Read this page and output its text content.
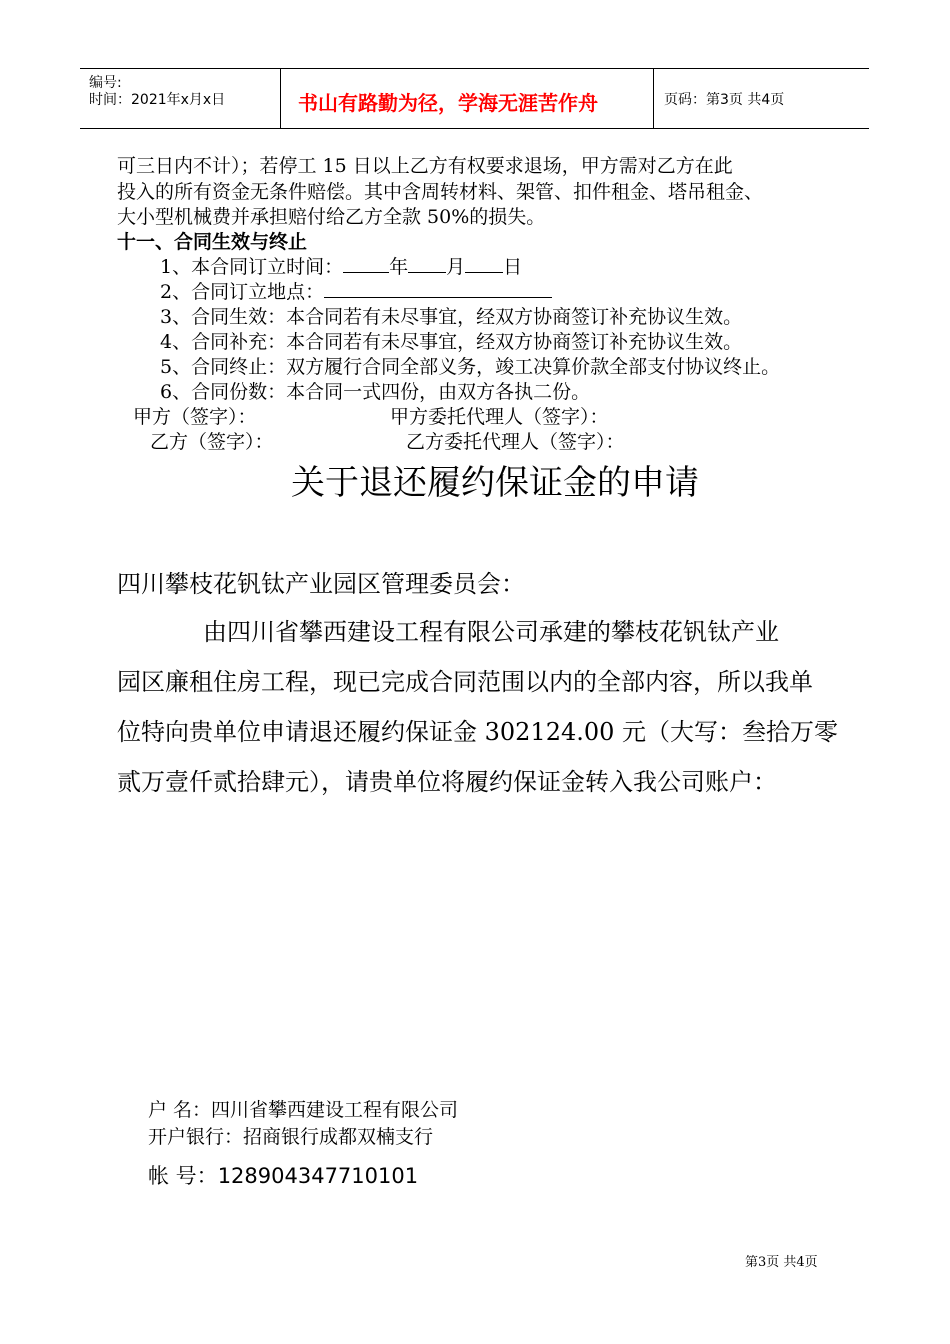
编号:
时间：2021年x月x日	书山有路勤为径，学海无涯苦作舟	页码：第3页 共4页
可三日内不计）；若停工 15 日以上乙方有权要求退场，甲方需对乙方在此
投入的所有资金无条件赔偿。其中含周转材料、架管、扣件租金、塔吊租金、
大小型机械费并承担赔付给乙方全款 50%的损失。
十一、合同生效与终止
1、本合同订立时间： 年 月 日
2、合同订立地点：
3、合同生效：本合同若有未尽事宜，经双方协商签订补充协议生效。
4、合同补充：本合同若有未尽事宜，经双方协商签订补充协议生效。
5、合同终止：双方履行合同全部义务，竣工决算价款全部支付协议终止。
6、合同份数：本合同一式四份，由双方各执二份。
甲方（签字）：	甲方委托代理人（签字）：
乙方（签字）：	乙方委托代理人（签字）：
关于退还履约保证金的申请
四川攀枝花钒钛产业园区管理委员会：
由四川省攀西建设工程有限公司承建的攀枝花钒钛产业
园区廉租住房工程，现已完成合同范围以内的全部内容，所以我单
位特向贵单位申请退还履约保证金 302124.00 元（大写：叁拾万零
贰万壹仟贰拾肆元），请贵单位将履约保证金转入我公司账户：
户 名：四川省攀西建设工程有限公司
开户银行：招商银行成都双楠支行
帐 号：128904347710101
第3页 共4页
